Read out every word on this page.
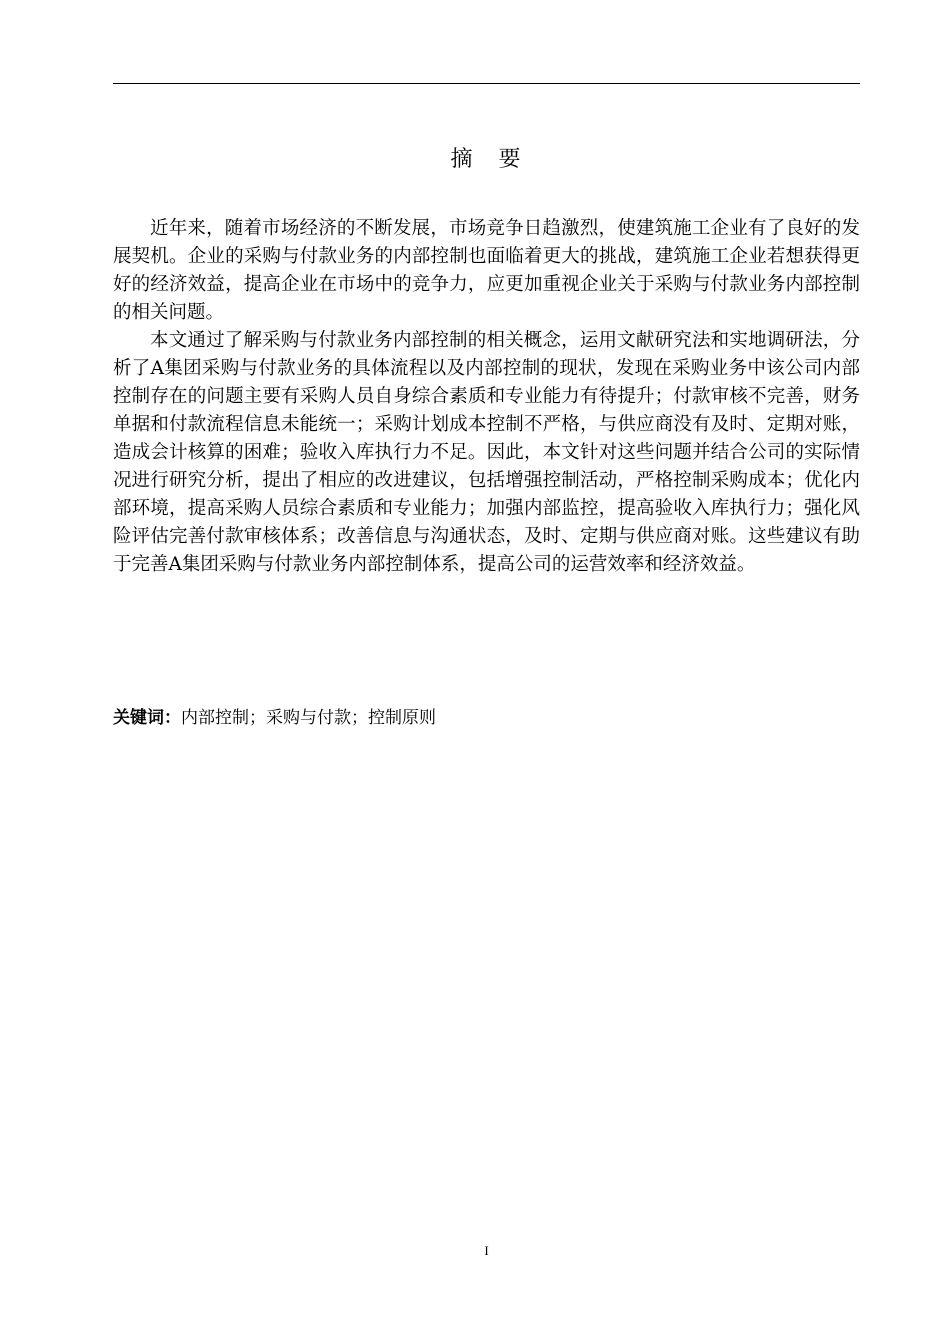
摘　要

近年来，随着市场经济的不断发展，市场竞争日趋激烈，使建筑施工企业有了良好的发展契机。企业的采购与付款业务的内部控制也面临着更大的挑战，建筑施工企业若想获得更好的经济效益，提高企业在市场中的竞争力，应更加重视企业关于采购与付款业务内部控制的相关问题。

本文通过了解采购与付款业务内部控制的相关概念，运用文献研究法和实地调研法，分析了A集团采购与付款业务的具体流程以及内部控制的现状，发现在采购业务中该公司内部控制存在的问题主要有采购人员自身综合素质和专业能力有待提升；付款审核不完善，财务单据和付款流程信息未能统一；采购计划成本控制不严格，与供应商没有及时、定期对账，造成会计核算的困难；验收入库执行力不足。因此，本文针对这些问题并结合公司的实际情况进行研究分析，提出了相应的改进建议，包括增强控制活动，严格控制采购成本；优化内部环境，提高采购人员综合素质和专业能力；加强内部监控，提高验收入库执行力；强化风险评估完善付款审核体系；改善信息与沟通状态，及时、定期与供应商对账。这些建议有助于完善A集团采购与付款业务内部控制体系，提高公司的运营效率和经济效益。

关键词：内部控制；采购与付款；控制原则
I
